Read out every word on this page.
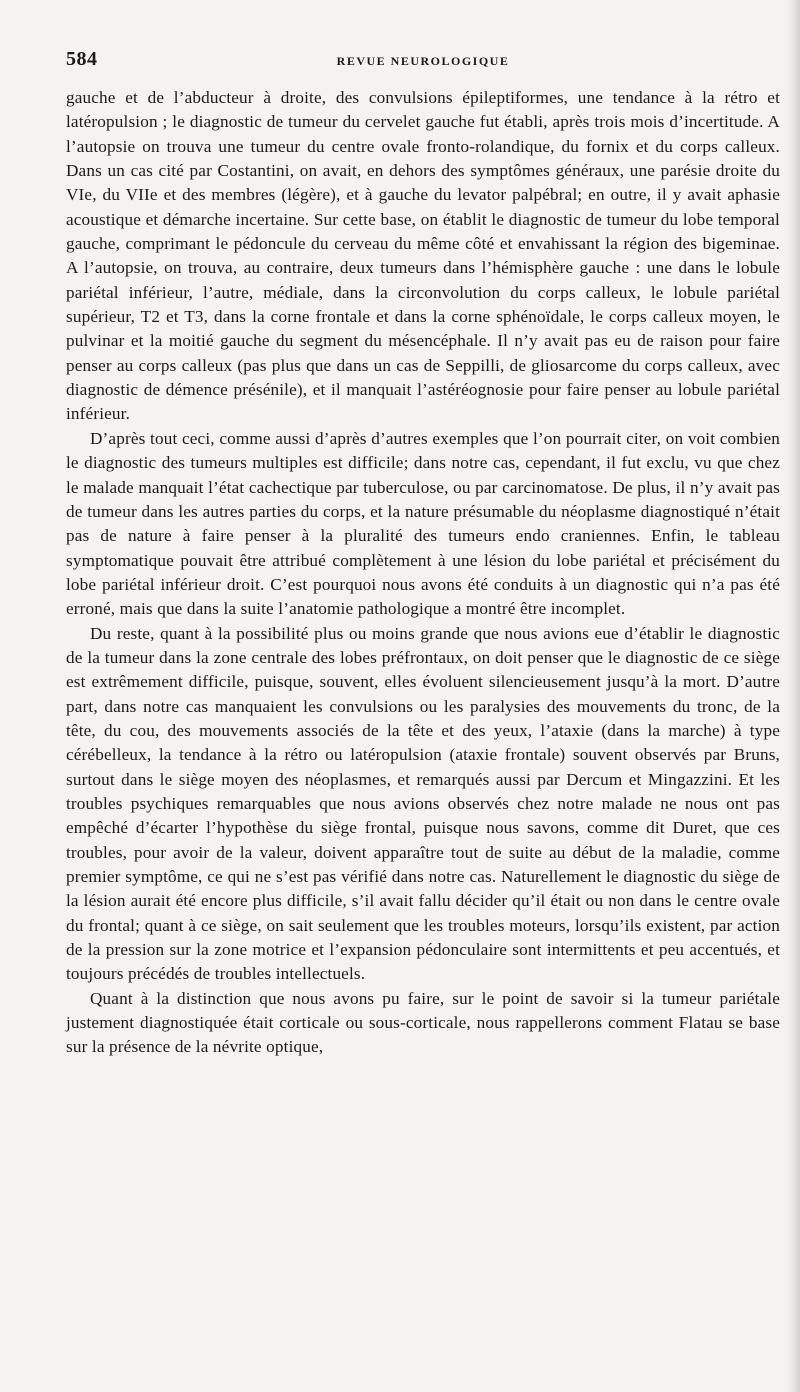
584	REVUE NEUROLOGIQUE

gauche et de l’abducteur à droite, des convulsions épileptiformes, une tendance à la rétro et latéropulsion ; le diagnostic de tumeur du cervelet gauche fut établi, après trois mois d’incertitude. A l’autopsie on trouva une tumeur du centre ovale fronto-rolandique, du fornix et du corps calleux. Dans un cas cité par Costantini, on avait, en dehors des symptômes généraux, une parésie droite du VIe, du VIIe et des membres (légère), et à gauche du levator palpébral; en outre, il y avait aphasie acoustique et démarche incertaine. Sur cette base, on établit le diagnostic de tumeur du lobe temporal gauche, comprimant le pédoncule du cerveau du même côté et envahissant la région des bigeminae. A l’autopsie, on trouva, au contraire, deux tumeurs dans l’hémisphère gauche : une dans le lobule pariétal inférieur, l’autre, médiale, dans la circonvolution du corps calleux, le lobule pariétal supérieur, T2 et T3, dans la corne frontale et dans la corne sphénoïdale, le corps calleux moyen, le pulvinar et la moitié gauche du segment du mésencéphale. Il n’y avait pas eu de raison pour faire penser au corps calleux (pas plus que dans un cas de Seppilli, de gliosarcome du corps calleux, avec diagnostic de démence présénile), et il manquait l’astéréognosie pour faire penser au lobule pariétal inférieur.

D’après tout ceci, comme aussi d’après d’autres exemples que l’on pourrait citer, on voit combien le diagnostic des tumeurs multiples est difficile; dans notre cas, cependant, il fut exclu, vu que chez le malade manquait l’état cachectique par tuberculose, ou par carcinomatose. De plus, il n’y avait pas de tumeur dans les autres parties du corps, et la nature présumable du néoplasme diagnostiqué n’était pas de nature à faire penser à la pluralité des tumeurs endo craniennes. Enfin, le tableau symptomatique pouvait être attribué complètement à une lésion du lobe pariétal et précisément du lobe pariétal inférieur droit. C’est pourquoi nous avons été conduits à un diagnostic qui n’a pas été erroné, mais que dans la suite l’anatomie pathologique a montré être incomplet.

Du reste, quant à la possibilité plus ou moins grande que nous avions eue d’établir le diagnostic de la tumeur dans la zone centrale des lobes préfrontaux, on doit penser que le diagnostic de ce siège est extrêmement difficile, puisque, souvent, elles évoluent silencieusement jusqu’à la mort. D’autre part, dans notre cas manquaient les convulsions ou les paralysies des mouvements du tronc, de la tête, du cou, des mouvements associés de la tête et des yeux, l’ataxie (dans la marche) à type cérébelleux, la tendance à la rétro ou latéropulsion (ataxie frontale) souvent observés par Bruns, surtout dans le siège moyen des néoplasmes, et remarqués aussi par Dercum et Mingazzini. Et les troubles psychiques remarquables que nous avions observés chez notre malade ne nous ont pas empêché d’écarter l’hypothèse du siège frontal, puisque nous savons, comme dit Duret, que ces troubles, pour avoir de la valeur, doivent apparaître tout de suite au début de la maladie, comme premier symptôme, ce qui ne s’est pas vérifié dans notre cas. Naturellement le diagnostic du siège de la lésion aurait été encore plus difficile, s’il avait fallu décider qu’il était ou non dans le centre ovale du frontal; quant à ce siège, on sait seulement que les troubles moteurs, lorsqu’ils existent, par action de la pression sur la zone motrice et l’expansion pédonculaire sont intermittents et peu accentués, et toujours précédés de troubles intellectuels.

Quant à la distinction que nous avons pu faire, sur le point de savoir si la tumeur pariétale justement diagnostiquée était corticale ou sous-corticale, nous rappellerons comment Flatau se base sur la présence de la névrite optique,
